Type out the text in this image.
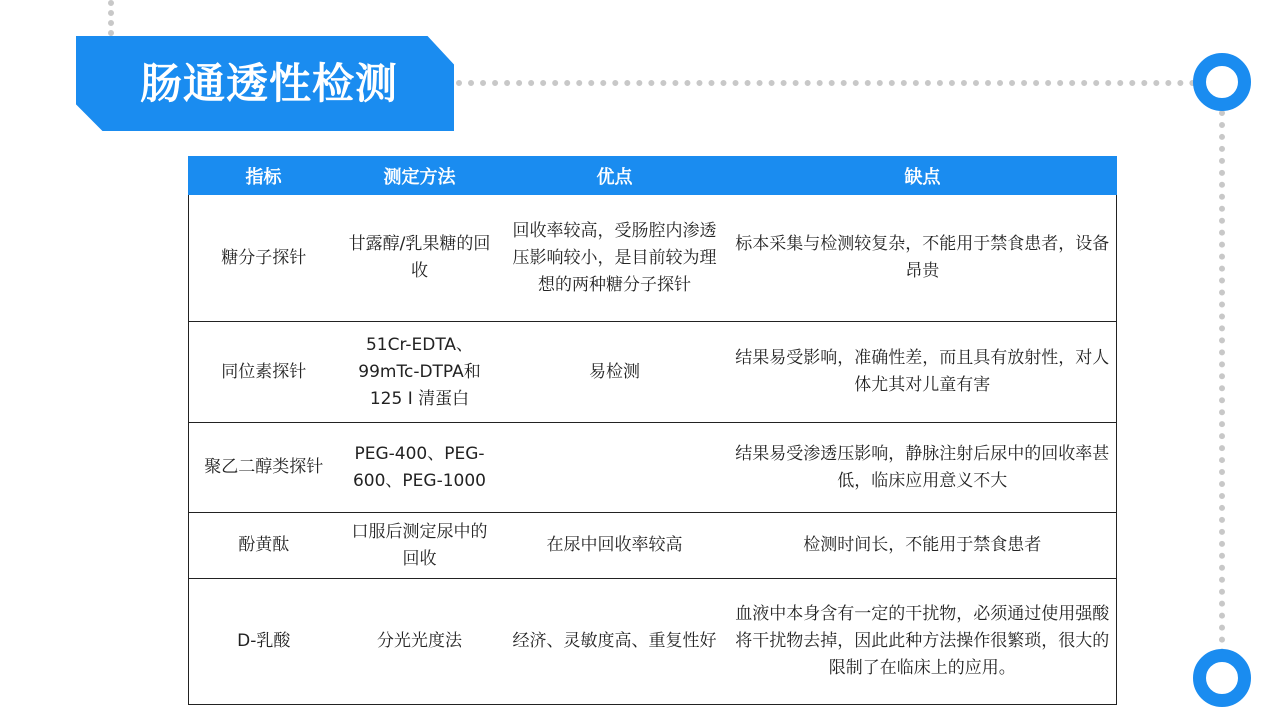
肠通透性检测
指标	测定方法	优点	缺点
糖分子探针	甘露醇/乳果糖的回收	回收率较高，受肠腔内渗透压影响较小，是目前较为理想的两种糖分子探针	标本采集与检测较复杂，不能用于禁食患者，设备昂贵
同位素探针	51Cr-EDTA、99mTc-DTPA和125 I 清蛋白	易检测	结果易受影响，准确性差，而且具有放射性，对人体尤其对儿童有害
聚乙二醇类探针	PEG-400、PEG-600、PEG-1000		结果易受渗透压影响，静脉注射后尿中的回收率甚低，临床应用意义不大
酚黄酞	口服后测定尿中的回收	在尿中回收率较高	检测时间长，不能用于禁食患者
D-乳酸	分光光度法	经济、灵敏度高、重复性好	血液中本身含有一定的干扰物，必须通过使用强酸将干扰物去掉，因此此种方法操作很繁琐，很大的限制了在临床上的应用。
